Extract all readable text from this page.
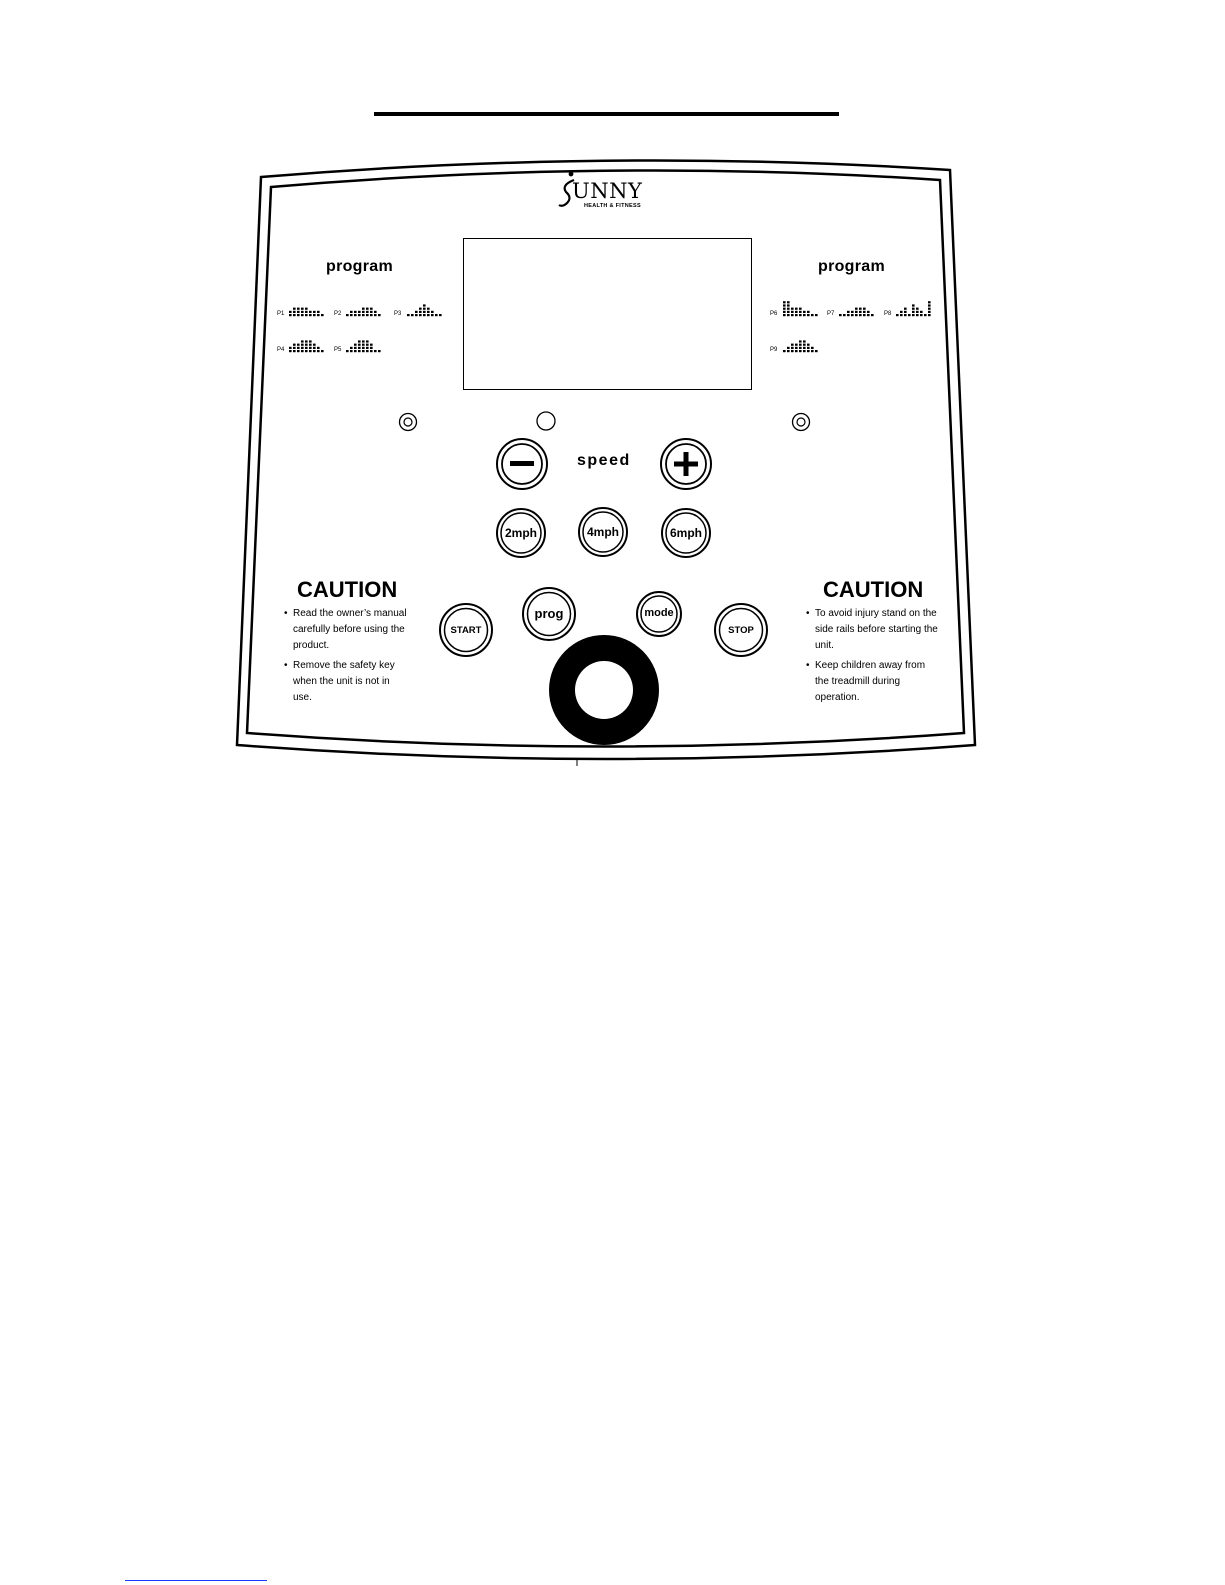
UNNY
HEALTH & FITNESS
program	program
P1	P2	P3
P4	P5
P6	P7	P8
P9
speed
2mph	4mph	6mph
START
prog	mode
STOP
CAUTION
• Read the owner’s manual carefully before using the product.
• Remove the safety key when the unit is not in use.
CAUTION
• To avoid injury stand on the side rails before starting the unit.
• Keep children away from the treadmill during operation.
